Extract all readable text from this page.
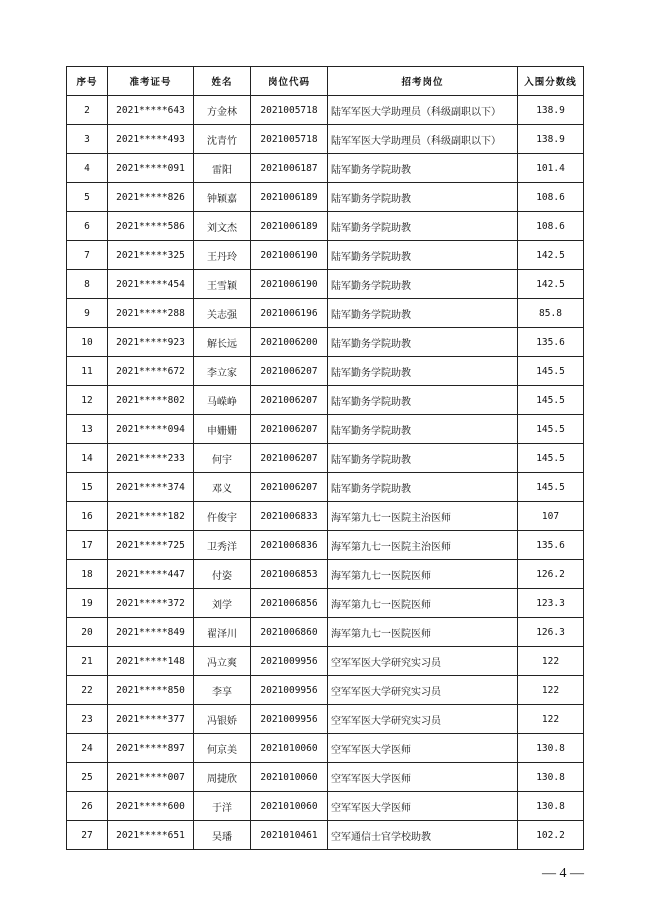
序号	准考证号	姓名	岗位代码	招考岗位	入围分数线
2	2021*****643	方金林	2021005718	陆军军医大学助理员（科级副职以下）	138.9
3	2021*****493	沈青竹	2021005718	陆军军医大学助理员（科级副职以下）	138.9
4	2021*****091	雷阳	2021006187	陆军勤务学院助教	101.4
5	2021*****826	钟颖嘉	2021006189	陆军勤务学院助教	108.6
6	2021*****586	刘文杰	2021006189	陆军勤务学院助教	108.6
7	2021*****325	王丹玲	2021006190	陆军勤务学院助教	142.5
8	2021*****454	王雪颖	2021006190	陆军勤务学院助教	142.5
9	2021*****288	关志强	2021006196	陆军勤务学院助教	85.8
10	2021*****923	解长远	2021006200	陆军勤务学院助教	135.6
11	2021*****672	李立家	2021006207	陆军勤务学院助教	145.5
12	2021*****802	马嵘峥	2021006207	陆军勤务学院助教	145.5
13	2021*****094	申姗姗	2021006207	陆军勤务学院助教	145.5
14	2021*****233	何宇	2021006207	陆军勤务学院助教	145.5
15	2021*****374	邓义	2021006207	陆军勤务学院助教	145.5
16	2021*****182	仵俊宇	2021006833	海军第九七一医院主治医师	107
17	2021*****725	卫秀洋	2021006836	海军第九七一医院主治医师	135.6
18	2021*****447	付姿	2021006853	海军第九七一医院医师	126.2
19	2021*****372	刘学	2021006856	海军第九七一医院医师	123.3
20	2021*****849	翟泽川	2021006860	海军第九七一医院医师	126.3
21	2021*****148	冯立爽	2021009956	空军军医大学研究实习员	122
22	2021*****850	李享	2021009956	空军军医大学研究实习员	122
23	2021*****377	冯银娇	2021009956	空军军医大学研究实习员	122
24	2021*****897	何京美	2021010060	空军军医大学医师	130.8
25	2021*****007	周捷欣	2021010060	空军军医大学医师	130.8
26	2021*****600	于洋	2021010060	空军军医大学医师	130.8
27	2021*****651	吴璠	2021010461	空军通信士官学校助教	102.2
— 4 —
